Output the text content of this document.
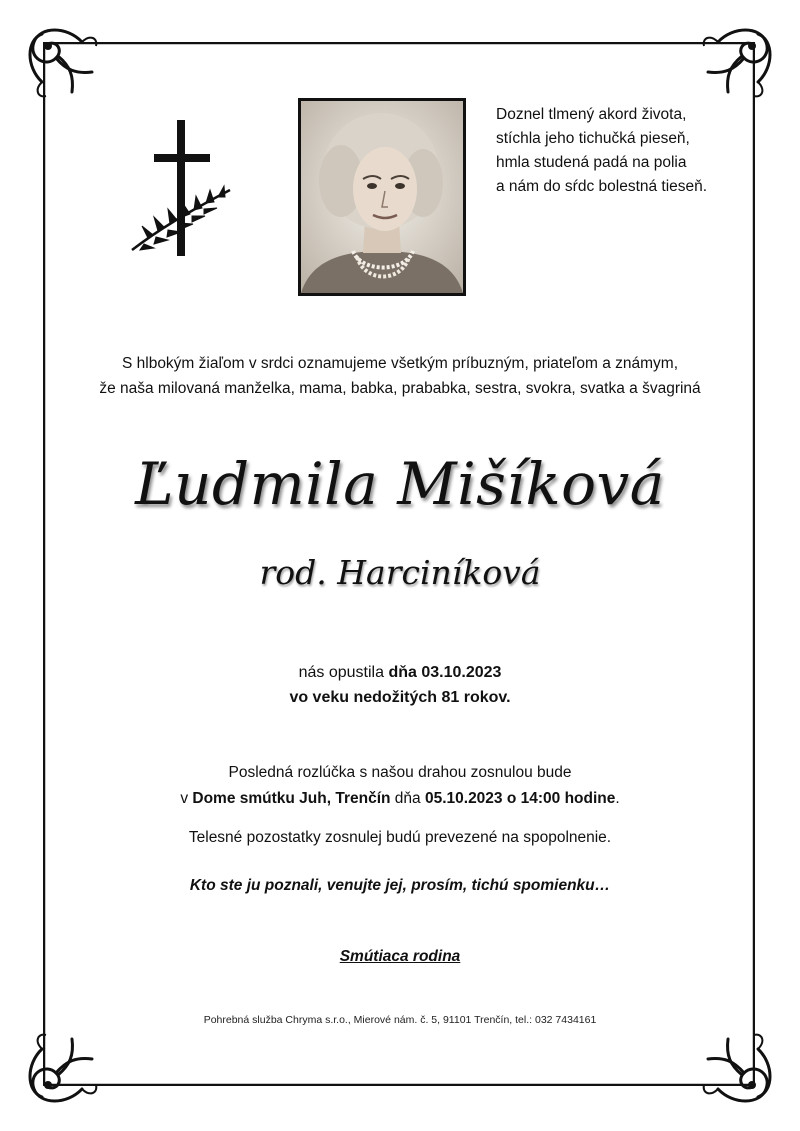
Doznel tlmený akord života,
stíchla jeho tichučká pieseň,
hmla studená padá na polia
a nám do sŕdc bolestná tieseň.
S hlbokým žiaľom v srdci oznamujeme všetkým príbuzným, priateľom a známym,
že naša milovaná manželka, mama, babka, prababka, sestra, svokra, svatka a švagriná
Ľudmila Mišíková
rod. Harciníková
nás opustila dňa 03.10.2023
vo veku nedožitých 81 rokov.
Posledná rozlúčka s našou drahou zosnulou bude
v Dome smútku Juh, Trenčín dňa 05.10.2023 o 14:00 hodine.
Telesné pozostatky zosnulej budú prevezené na spopolnenie.
Kto ste ju poznali, venujte jej, prosím, tichú spomienku…
Smútiaca rodina
Pohrebná služba Chryma s.r.o., Mierové nám. č. 5, 91101 Trenčín, tel.: 032 7434161
